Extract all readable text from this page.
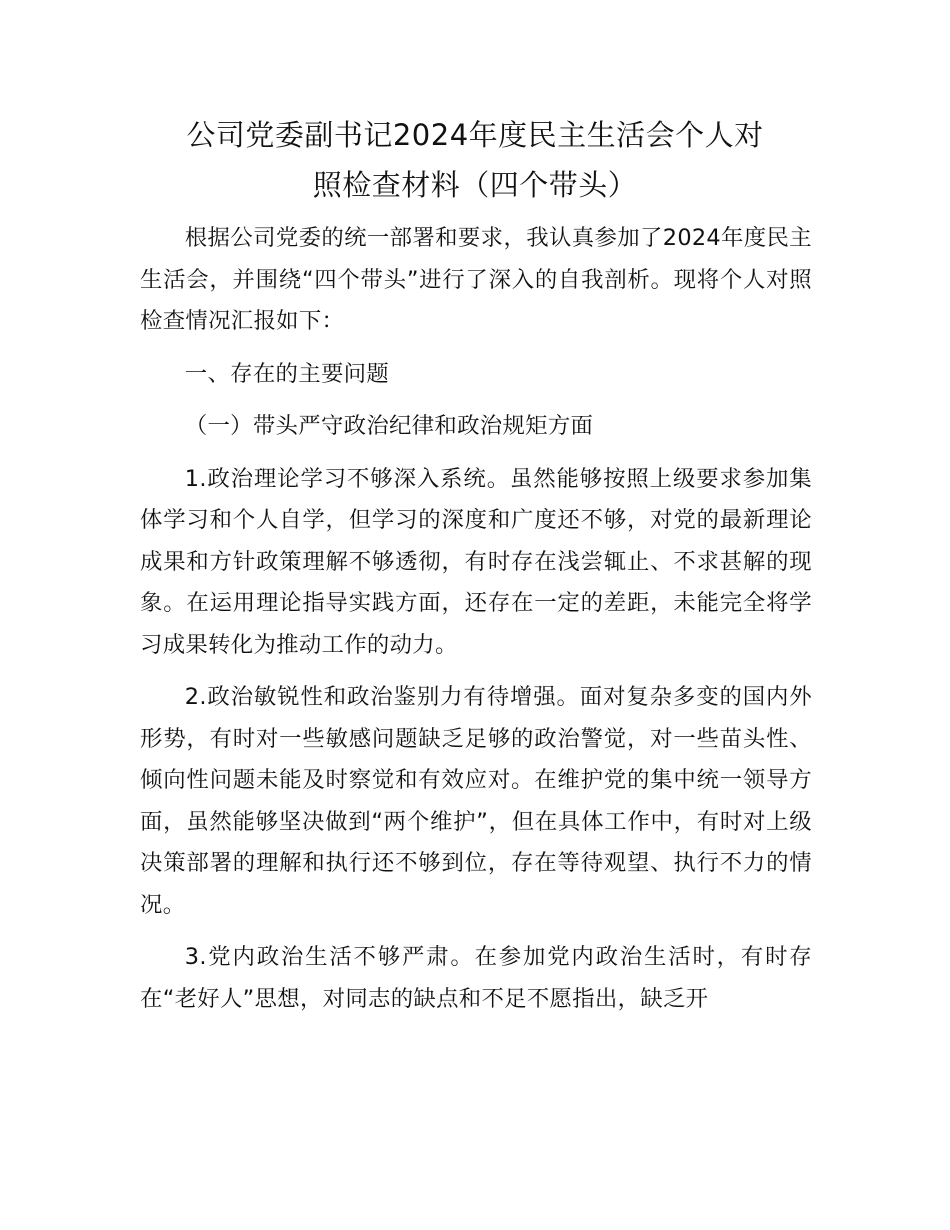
公司党委副书记2024年度民主生活会个人对
照检查材料（四个带头）

根据公司党委的统一部署和要求，我认真参加了2024年度民主生活会，并围绕“四个带头”进行了深入的自我剖析。现将个人对照检查情况汇报如下：

一、存在的主要问题

（一）带头严守政治纪律和政治规矩方面

1.政治理论学习不够深入系统。虽然能够按照上级要求参加集体学习和个人自学，但学习的深度和广度还不够，对党的最新理论成果和方针政策理解不够透彻，有时存在浅尝辄止、不求甚解的现象。在运用理论指导实践方面，还存在一定的差距，未能完全将学习成果转化为推动工作的动力。

2.政治敏锐性和政治鉴别力有待增强。面对复杂多变的国内外形势，有时对一些敏感问题缺乏足够的政治警觉，对一些苗头性、倾向性问题未能及时察觉和有效应对。在维护党的集中统一领导方面，虽然能够坚决做到“两个维护”，但在具体工作中，有时对上级决策部署的理解和执行还不够到位，存在等待观望、执行不力的情况。

3.党内政治生活不够严肃。在参加党内政治生活时，有时存在“老好人”思想，对同志的缺点和不足不愿指出，缺乏开
